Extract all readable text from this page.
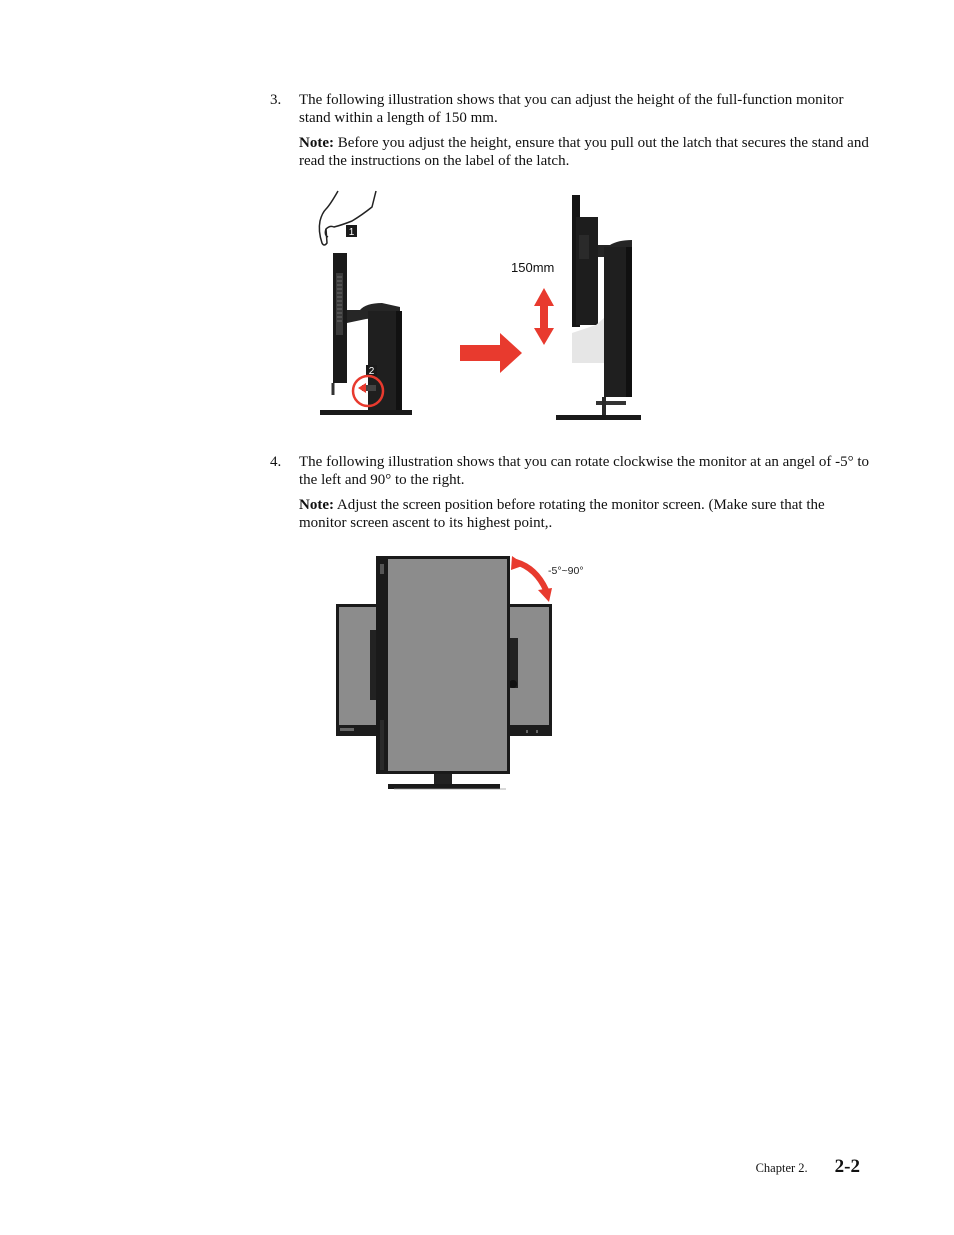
3. The following illustration shows that you can adjust the height of the full-function monitor stand within a length of 150 mm.

Note: Before you adjust the height, ensure that you pull out the latch that secures the stand and read the instructions on the label of the latch.

1
2
150mm
4. The following illustration shows that you can rotate clockwise the monitor at an angel of -5° to the left and 90° to the right.

Note: Adjust the screen position before rotating the monitor screen. (Make sure that the monitor screen ascent to its highest point,.

-5°~90°
Chapter 2. 2-2
